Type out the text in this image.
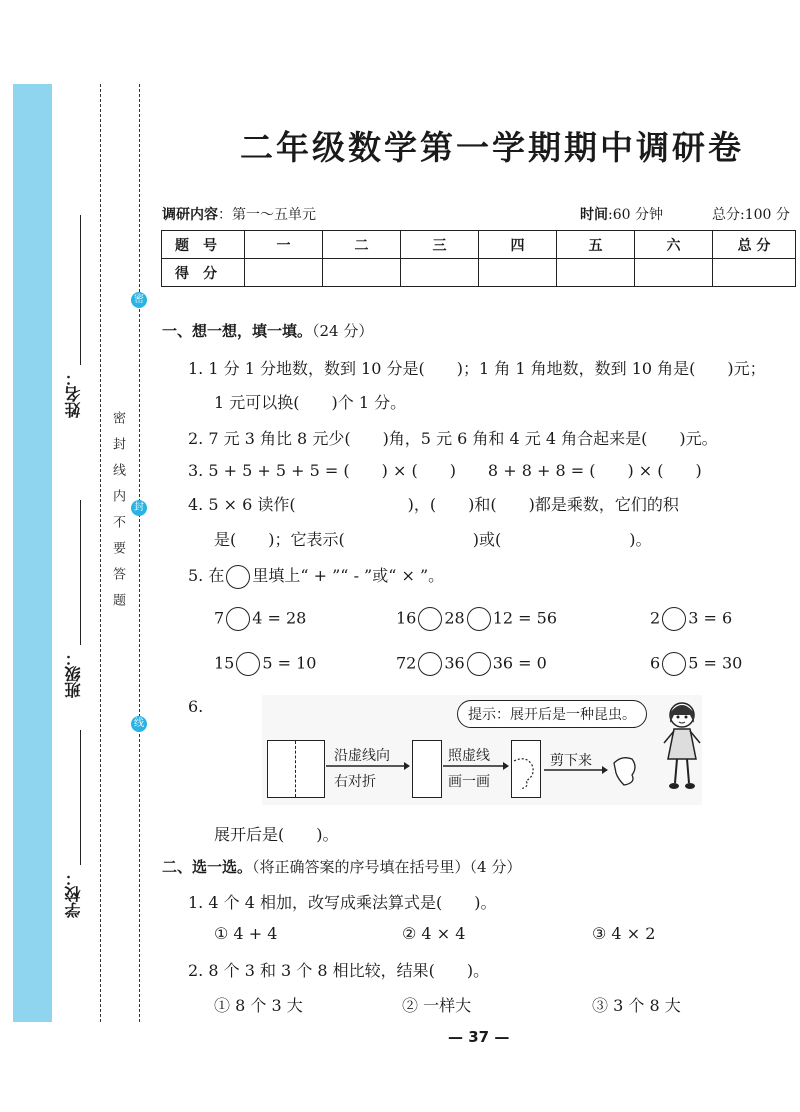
姓名：
班级：
学校：
密封线内不要答题
密
封
线
二年级数学第一学期期中调研卷
调研内容：第一～五单元	时间:60 分钟	总分:100 分
题号	一	二	三	四	五	六	总 分
得分							
一、想一想，填一填。（24 分）
1. 1 分 1 分地数，数到 10 分是(　　)；1 角 1 角地数，数到 10 角是(　　)元；
1 元可以换(　　)个 1 分。
2. 7 元 3 角比 8 元少(　　)角，5 元 6 角和 4 元 4 角合起来是(　　)元。
3. 5 + 5 + 5 + 5 = (　　) × (　　)　　8 + 8 + 8 = (　　) × (　　)
4. 5 × 6 读作(　　　　　　　)，(　　)和(　　)都是乘数，它们的积
是(　　)；它表示(　　　　　　　　)或(　　　　　　　　)。
5. 在 里填上“ + ”“ - ”或“ × ”。
7 4 = 28	16 28 12 = 56	2 3 = 6
15 5 = 10	72 36 36 = 0	6 5 = 30
6.	提示：展开后是一种昆虫。
沿虚线向
右对折
照虚线
画一画
剪下来
展开后是(　　)。
二、选一选。（将正确答案的序号填在括号里）（4 分）
1. 4 个 4 相加，改写成乘法算式是(　　)。
① 4 + 4	② 4 × 4	③ 4 × 2
2. 8 个 3 和 3 个 8 相比较，结果(　　)。
① 8 个 3 大	② 一样大	③ 3 个 8 大
— 37 —
